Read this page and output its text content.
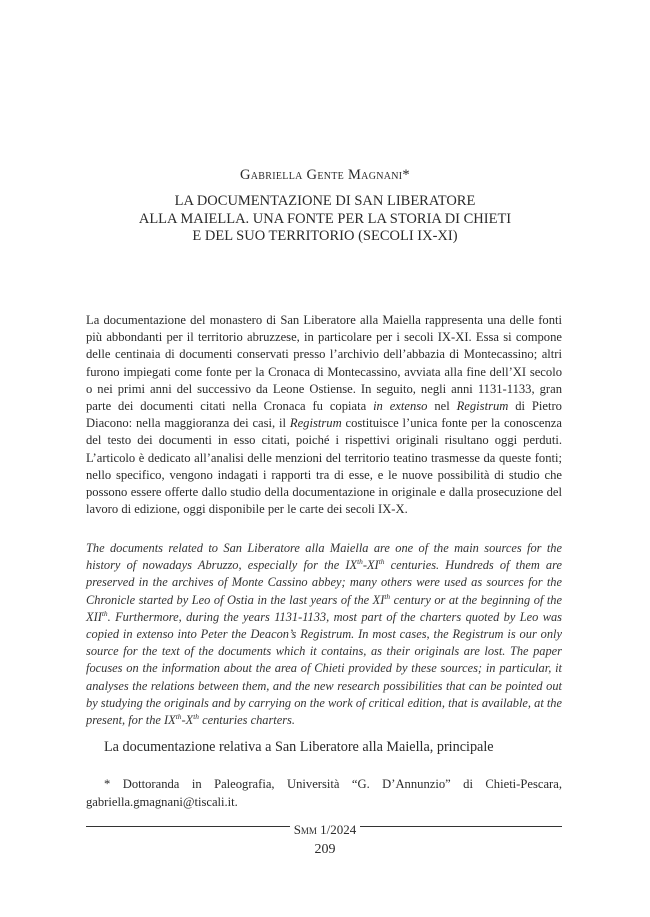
Gabriella Gente Magnani*
LA DOCUMENTAZIONE DI SAN LIBERATORE
ALLA MAIELLA. UNA FONTE PER LA STORIA DI CHIETI
E DEL SUO TERRITORIO (SECOLI IX-XI)

La documentazione del monastero di San Liberatore alla Maiella rappresenta una delle fonti più abbondanti per il territorio abruzzese, in particolare per i secoli IX-XI. Essa si compone delle centinaia di documenti conservati presso l’archivio dell’abbazia di Montecassino; altri furono impiegati come fonte per la Cronaca di Montecassino, avviata alla fine dell’XI secolo o nei primi anni del successivo da Leone Ostiense. In seguito, negli anni 1131-1133, gran parte dei documenti citati nella Cronaca fu copiata in extenso nel Registrum di Pietro Diacono: nella maggioranza dei casi, il Registrum costituisce l’unica fonte per la conoscenza del testo dei documenti in esso citati, poiché i rispettivi originali risultano oggi perduti. L’articolo è dedicato all’analisi delle menzioni del territorio teatino trasmesse da queste fonti; nello specifico, vengono indagati i rapporti tra di esse, e le nuove possibilità di studio che possono essere offerte dallo studio della documentazione in originale e dalla prosecuzione del lavoro di edizione, oggi disponibile per le carte dei secoli IX-X.

The documents related to San Liberatore alla Maiella are one of the main sources for the history of nowadays Abruzzo, especially for the IXth-XIth centuries. Hundreds of them are preserved in the archives of Monte Cassino abbey; many others were used as sources for the Chronicle started by Leo of Ostia in the last years of the XIth century or at the beginning of the XIIth. Furthermore, during the years 1131-1133, most part of the charters quoted by Leo was copied in extenso into Peter the Deacon’s Registrum. In most cases, the Registrum is our only source for the text of the documents which it contains, as their originals are lost. The paper focuses on the information about the area of Chieti provided by these sources; in particular, it analyses the relations between them, and the new research possibilities that can be pointed out by studying the originals and by carrying on the work of critical edition, that is available, at the present, for the IXth-Xth centuries charters.

La documentazione relativa a San Liberatore alla Maiella, principale

* Dottoranda in Paleografia, Università “G. D’Annunzio” di Chieti-Pescara, gabriella.gmagnani@tiscali.it.

Smm 1/2024
209
